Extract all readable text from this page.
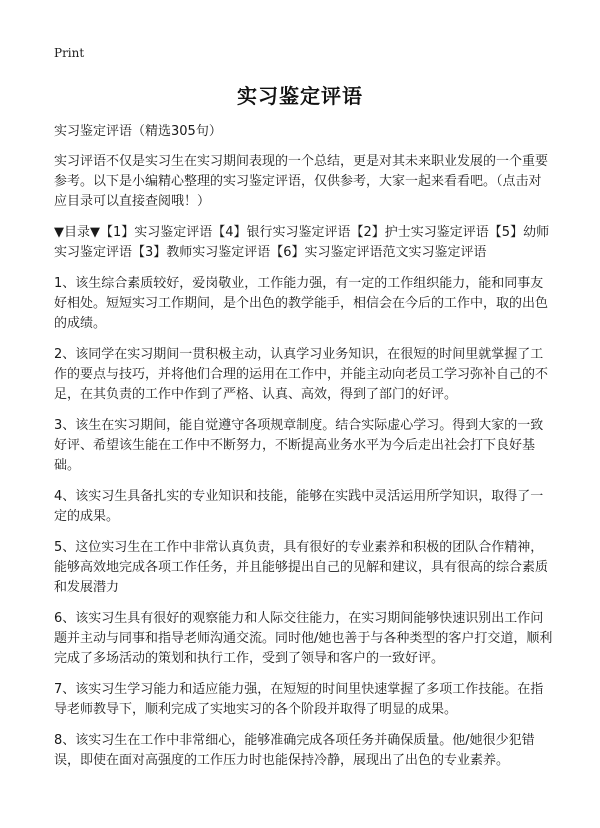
Print
实习鉴定评语

实习鉴定评语（精选305句）

实习评语不仅是实习生在实习期间表现的一个总结，更是对其未来职业发展的一个重要参考。以下是小编精心整理的实习鉴定评语，仅供参考，大家一起来看看吧。（点击对应目录可以直接查阅哦！）

▼目录▼【1】实习鉴定评语【4】银行实习鉴定评语【2】护士实习鉴定评语【5】幼师实习鉴定评语【3】教师实习鉴定评语【6】实习鉴定评语范文实习鉴定评语

1、该生综合素质较好，爱岗敬业，工作能力强，有一定的工作组织能力，能和同事友好相处。短短实习工作期间，是个出色的教学能手，相信会在今后的工作中，取的出色的成绩。

2、该同学在实习期间一贯积极主动，认真学习业务知识，在很短的时间里就掌握了工作的要点与技巧，并将他们合理的运用在工作中，并能主动向老员工学习弥补自己的不足，在其负责的工作中作到了严格、认真、高效，得到了部门的好评。

3、该生在实习期间，能自觉遵守各项规章制度。结合实际虚心学习。得到大家的一致好评、希望该生能在工作中不断努力，不断提高业务水平为今后走出社会打下良好基础。

4、该实习生具备扎实的专业知识和技能，能够在实践中灵活运用所学知识，取得了一定的成果。

5、这位实习生在工作中非常认真负责，具有很好的专业素养和积极的团队合作精神，能够高效地完成各项工作任务，并且能够提出自己的见解和建议，具有很高的综合素质和发展潜力

6、该实习生具有很好的观察能力和人际交往能力，在实习期间能够快速识别出工作问题并主动与同事和指导老师沟通交流。同时他/她也善于与各种类型的客户打交道，顺利完成了多场活动的策划和执行工作，受到了领导和客户的一致好评。

7、该实习生学习能力和适应能力强，在短短的时间里快速掌握了多项工作技能。在指导老师教导下，顺利完成了实地实习的各个阶段并取得了明显的成果。

8、该实习生在工作中非常细心，能够准确完成各项任务并确保质量。他/她很少犯错误，即使在面对高强度的工作压力时也能保持冷静，展现出了出色的专业素养。
